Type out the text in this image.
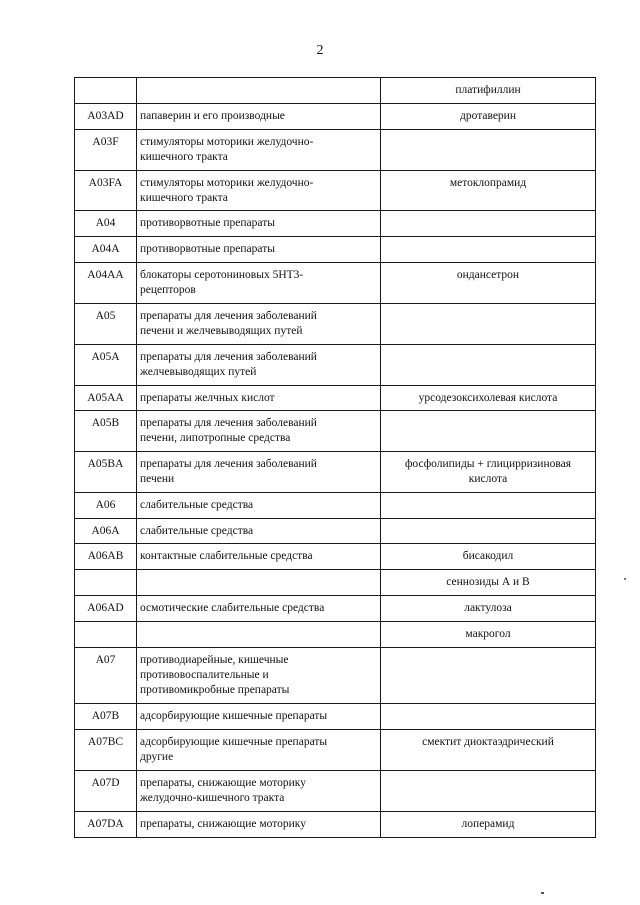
2

		платифиллин

A03AD	папаверин и его производные	дротаверин

A03F	стимуляторы моторики желудочно-
кишечного тракта	

A03FA	стимуляторы моторики желудочно-
кишечного тракта	метоклопрамид

A04	противорвотные препараты	

A04A	противорвотные препараты	

A04AA	блокаторы серотониновых 5HT3-
рецепторов	ондансетрон

A05	препараты для лечения заболеваний
печени и желчевыводящих путей	

A05A	препараты для лечения заболеваний
желчевыводящих путей	

A05AA	препараты желчных кислот	урсодезоксихолевая кислота

A05B	препараты для лечения заболеваний
печени, липотропные средства	

A05BA	препараты для лечения заболеваний
печени	фосфолипиды + глицирризиновая
кислота

A06	слабительные средства	

A06A	слабительные средства	

A06AB	контактные слабительные средства	бисакодил

		сеннозиды А и В

A06AD	осмотические слабительные средства	лактулоза

		макрогол

A07	противодиарейные, кишечные
противовоспалительные и
противомикробные препараты	

A07B	адсорбирующие кишечные препараты	

A07BC	адсорбирующие кишечные препараты
другие	смектит диоктаэдрический

A07D	препараты, снижающие моторику
желудочно-кишечного тракта	

A07DA	препараты, снижающие моторику	лоперамид
